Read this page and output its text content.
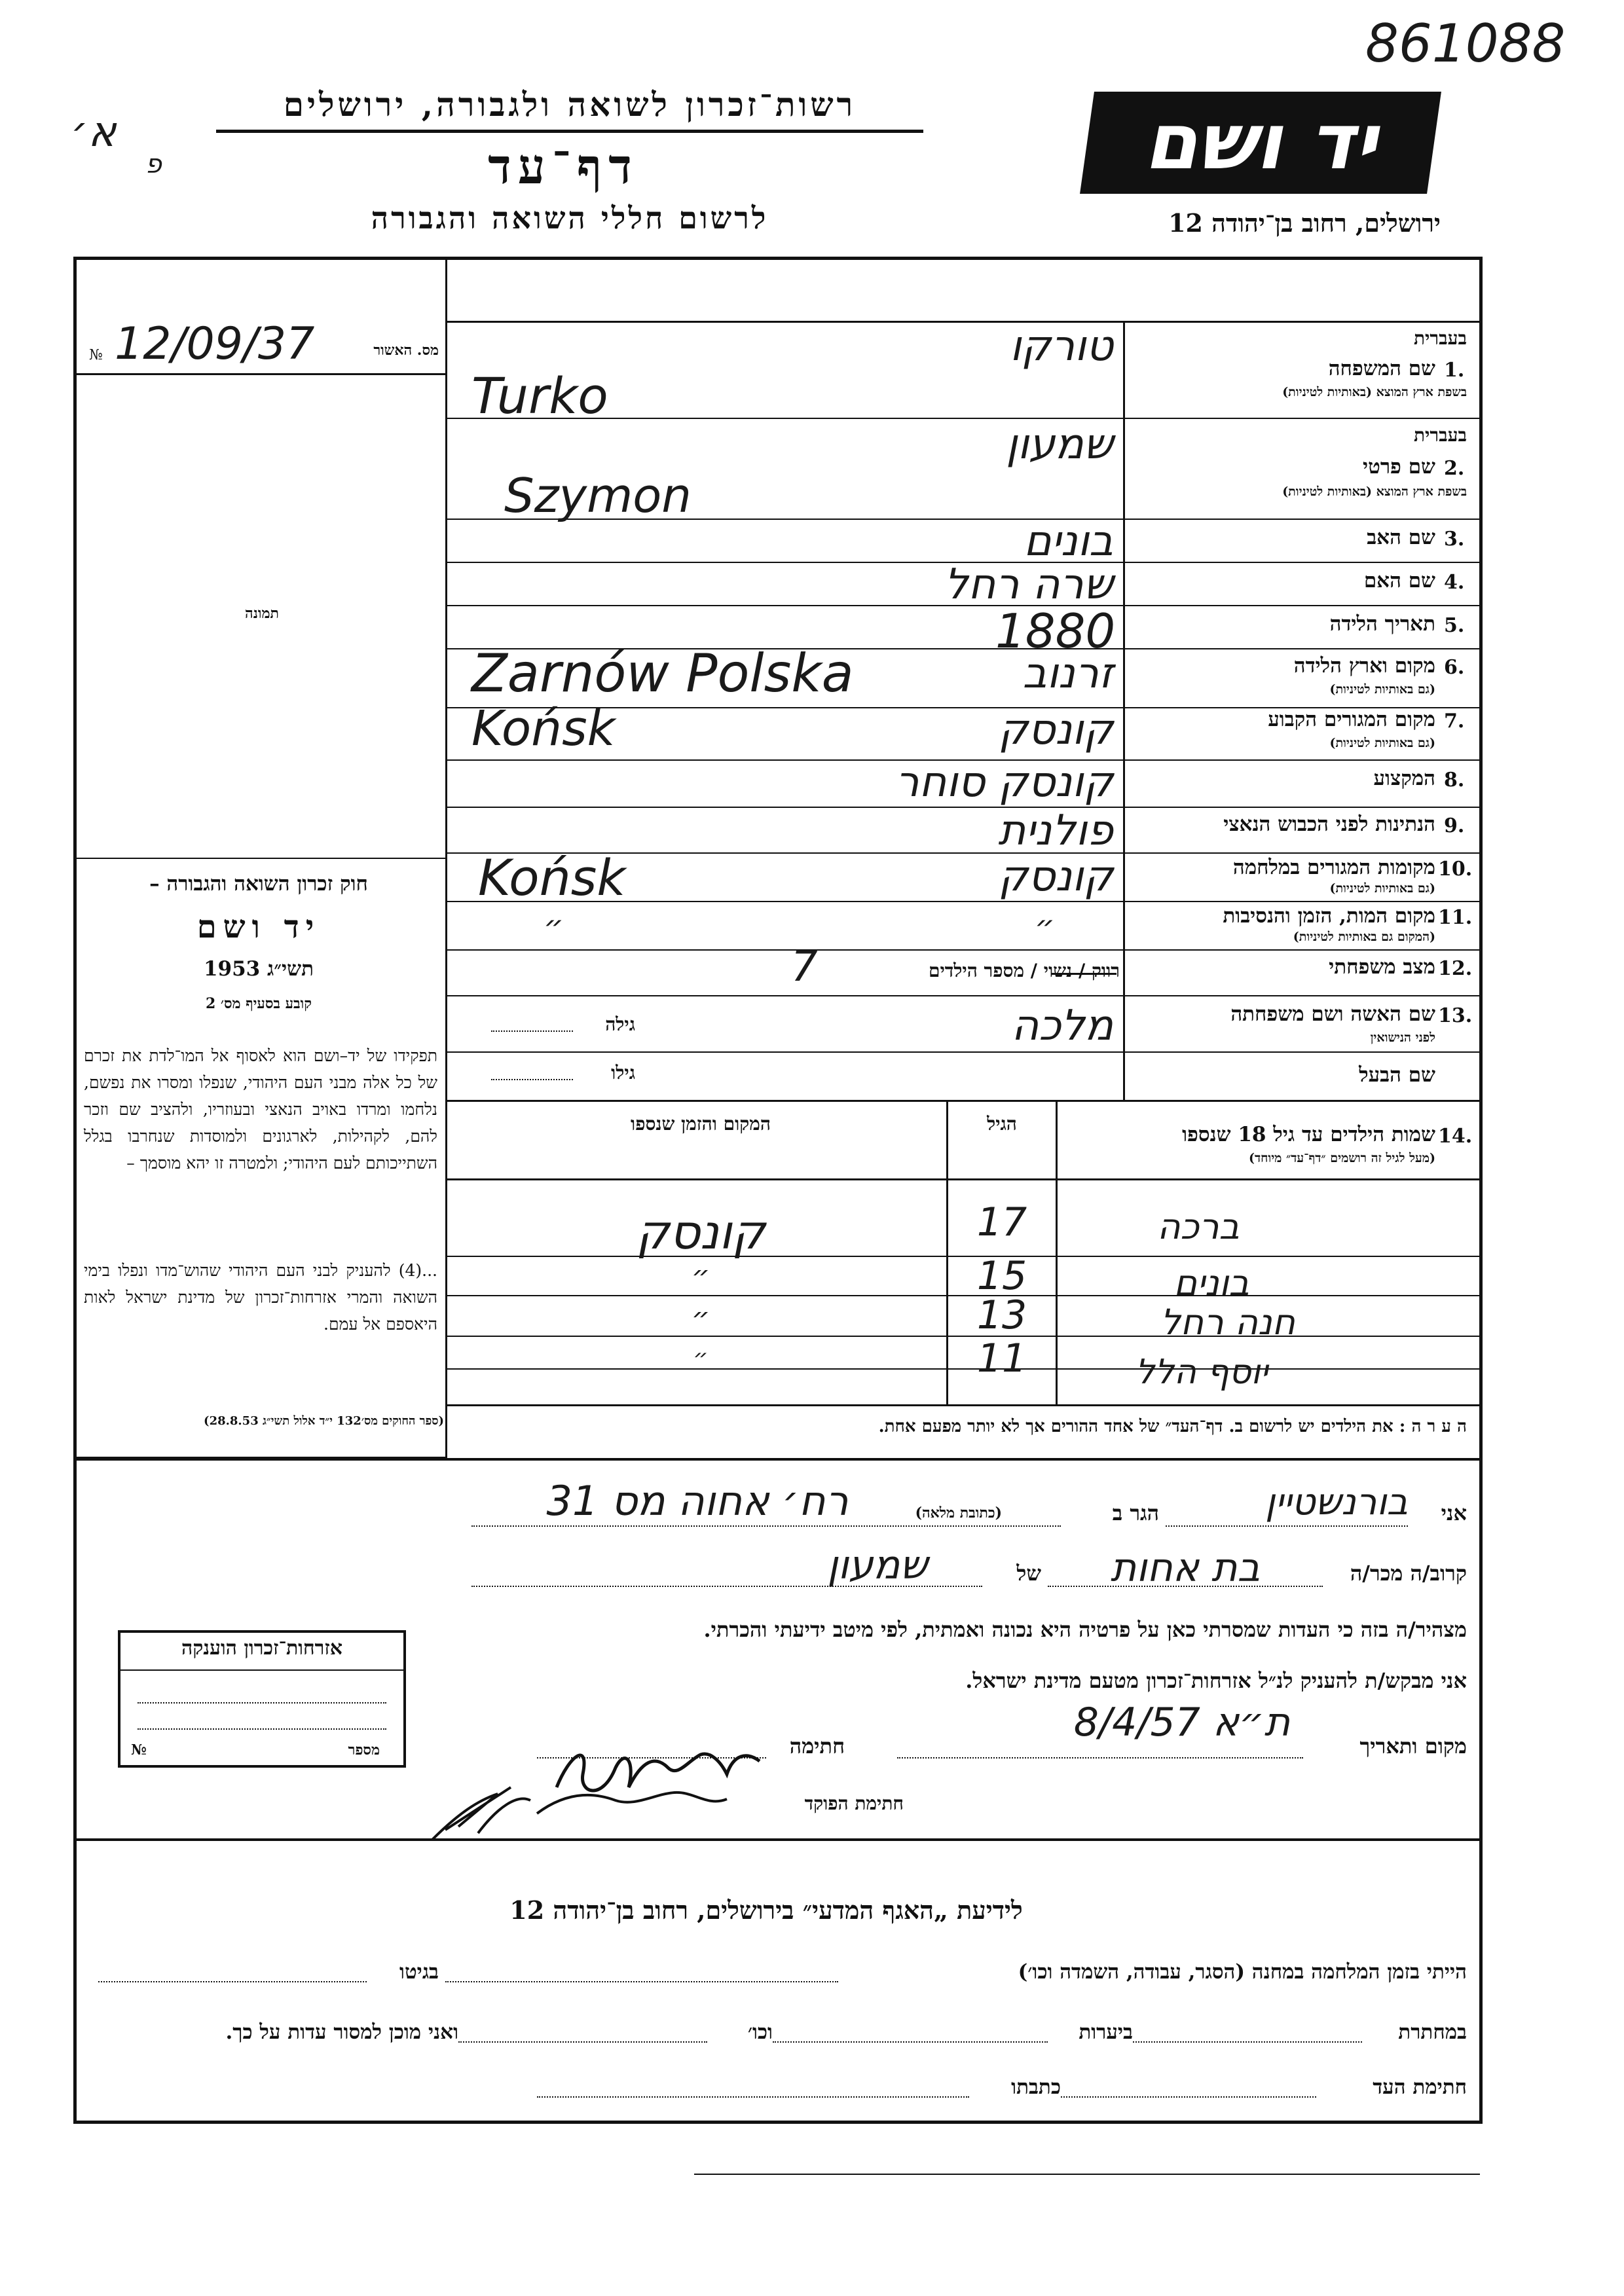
861088
א׳
פ
רשות־זכרון לשואה ולגבורה, ירושלים
דף־עד
לרשום חללי השואה והגבורה
יד ושם
ירושלים, רחוב בן־יהודה 12
מס. האשור
12/09/37
№
תמונה
חוק זכרון השואה והגבורה –
יד ושם
תשי״ג 1953
קובע בסעיף מס׳ 2
תפקידו של יד–ושם הוא לאסוף אל המו־לדת את זכרם של כל אלה מבני העם היהודי, שנפלו ומסרו את נפשם, נלחמו ומרדו באויב הנאצי ובעוזריו, ולהציב שם וזכר להם, לקהילות, לארגונים ולמוסדות שנחרבו בגלל השתייכותם לעם היהודי; ולמטרה זו יהא מוסמך –
...(4) להעניק לבני העם היהודי שהוש־מדו ונפלו בימי השואה והמרי אזרחות־זכרון של מדינת ישראל לאות היאספם אל עמם.
(ספר החוקים מס׳132 י״ד אלול תשי״ג 28.8.53)
בעברית
1.
שם המשפחה
בשפת ארץ המוצא (באותיות לטיניות)
טורקו
Turko
בעברית
2.
שם פרטי
בשפת ארץ המוצא (באותיות לטיניות)
שמעון
Szymon
3.
שם האב
בונים
4.
שם האם
שרה רחל
5.
תאריך הלידה
1880
6.
מקום וארץ הלידה
(גם באותיות לטיניות)
זרנוב
Zarnów Polska
7.
מקום המגורים הקבוע
(גם באותיות לטיניות)
קונסק
Końsk
8.
המקצוע
קונסק סוחר
9.
הנתינות לפני הכבוש הנאצי
פולנית
10.
מקומות המגורים במלחמה
(גם באותיות לטיניות)
קונסק
Końsk
11.
מקום המות, הזמן והנסיבות
(המקום גם באותיות לטיניות)
״	״
12.
מצב משפחתי
רווק / נשוי / מספר הילדים
7
13.
שם האשה ושם משפחתה
לפני הנישואין
מלכה
גילה
שם הבעל
גילו
14.
שמות הילדים עד גיל 18 שנספו
(מעל לגיל זה רושמים ״דף־עד״ מיוחד)
הגיל
המקום והזמן שנספו
ברכה
17
קונסק
בונים
15
״
חנה רחל
13
״
יוסף הלל
11
״
ה ע ר ה : את הילדים יש לרשום ב. דף־העד״ של אחד ההורים אך לא יותר מפעם אחת.
אני
בורנשטיין
הגר ב
(כתובת מלאה)
רח׳ אחוה מס 31
קרוב/ה מכר/ה
בת אחות
של
שמעון
מצהיר/ה בזה כי העדות שמסרתי כאן על פרטיה היא נכונה ואמתית, לפי מיטב ידיעתי והכרתי.
אני מבקש/ת להעניק לנ״ל אזרחות־זכרון מטעם מדינת ישראל.
מקום ותאריך
ת״א 8/4/57
חתימה
חתימת הפוקד
אזרחות־זכרון הוענקה
מספר
№
לידיעת „האגף המדעי״ בירושלים, רחוב בן־יהודה 12
הייתי בזמן המלחמה במחנה (הסגר, עבודה, השמדה וכו׳)
בגיטו
במחתרת
ביערות
וכו׳
ואני מוכן למסור עדות על כך.
חתימת העד
כתבתו
